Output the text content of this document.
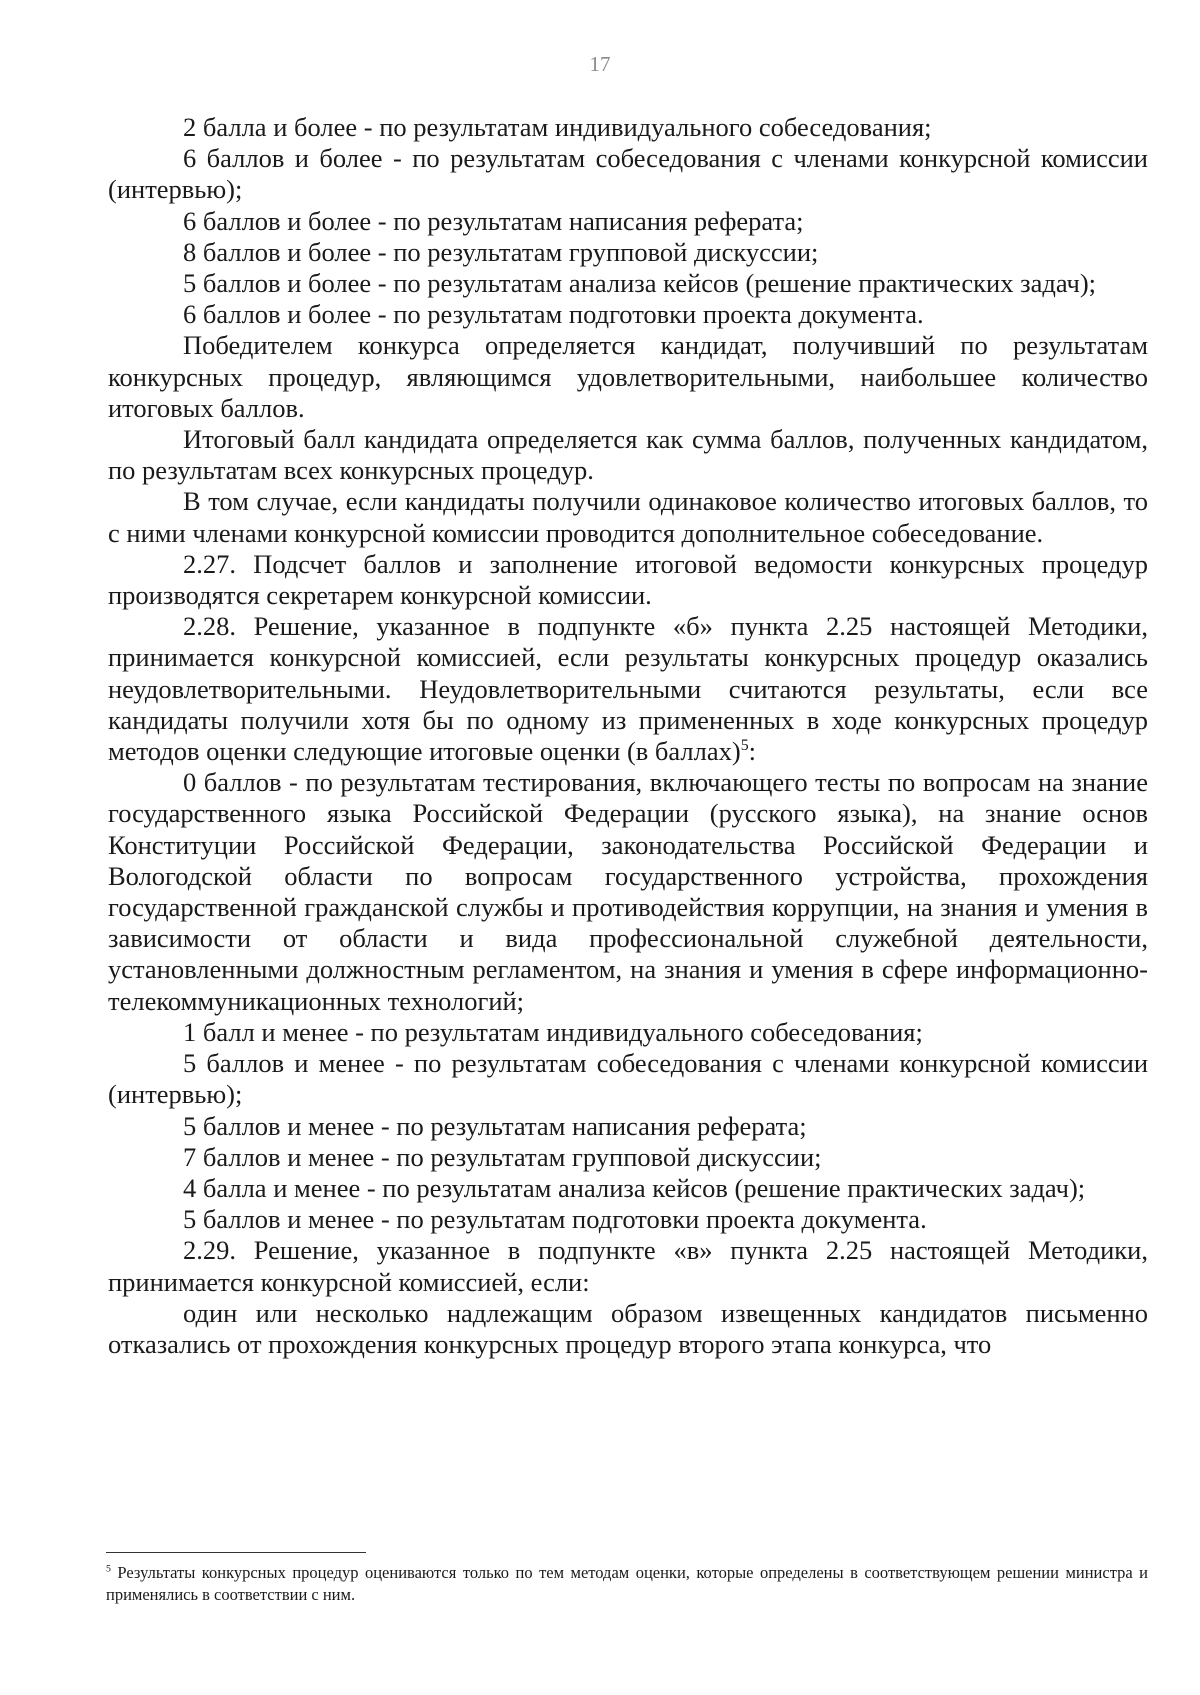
17

2 балла и более - по результатам индивидуального собеседования;

6 баллов и более - по результатам собеседования с членами конкурсной комиссии (интервью);

6 баллов и более - по результатам написания реферата;

8 баллов и более - по результатам групповой дискуссии;

5 баллов и более - по результатам анализа кейсов (решение практических задач);

6 баллов и более - по результатам подготовки проекта документа.

Победителем конкурса определяется кандидат, получивший по результатам конкурсных процедур, являющимся удовлетворительными, наибольшее количество итоговых баллов.

Итоговый балл кандидата определяется как сумма баллов, полученных кандидатом, по результатам всех конкурсных процедур.

В том случае, если кандидаты получили одинаковое количество итоговых баллов, то с ними членами конкурсной комиссии проводится дополнительное собеседование.

2.27. Подсчет баллов и заполнение итоговой ведомости конкурсных процедур производятся секретарем конкурсной комиссии.

2.28. Решение, указанное в подпункте «б» пункта 2.25 настоящей Методики, принимается конкурсной комиссией, если результаты конкурсных процедур оказались неудовлетворительными. Неудовлетворительными считаются результаты, если все кандидаты получили хотя бы по одному из примененных в ходе конкурсных процедур методов оценки следующие итоговые оценки (в баллах)$^5$:

0 баллов - по результатам тестирования, включающего тесты по вопросам на знание государственного языка Российской Федерации (русского языка), на знание основ Конституции Российской Федерации, законодательства Российской Федерации и Вологодской области по вопросам государственного устройства, прохождения государственной гражданской службы и противодействия коррупции, на знания и умения в зависимости от области и вида профессиональной служебной деятельности, установленными должностным регламентом, на знания и умения в сфере информационно-телекоммуникационных технологий;

1 балл и менее - по результатам индивидуального собеседования;

5 баллов и менее - по результатам собеседования с членами конкурсной комиссии (интервью);

5 баллов и менее - по результатам написания реферата;

7 баллов и менее - по результатам групповой дискуссии;

4 балла и менее - по результатам анализа кейсов (решение практических задач);

5 баллов и менее - по результатам подготовки проекта документа.

2.29. Решение, указанное в подпункте «в» пункта 2.25 настоящей Методики, принимается конкурсной комиссией, если:

один или несколько надлежащим образом извещенных кандидатов письменно отказались от прохождения конкурсных процедур второго этапа конкурса, что

$^5$ Результаты конкурсных процедур оцениваются только по тем методам оценки, которые определены в соответствующем решении министра и применялись в соответствии с ним.
